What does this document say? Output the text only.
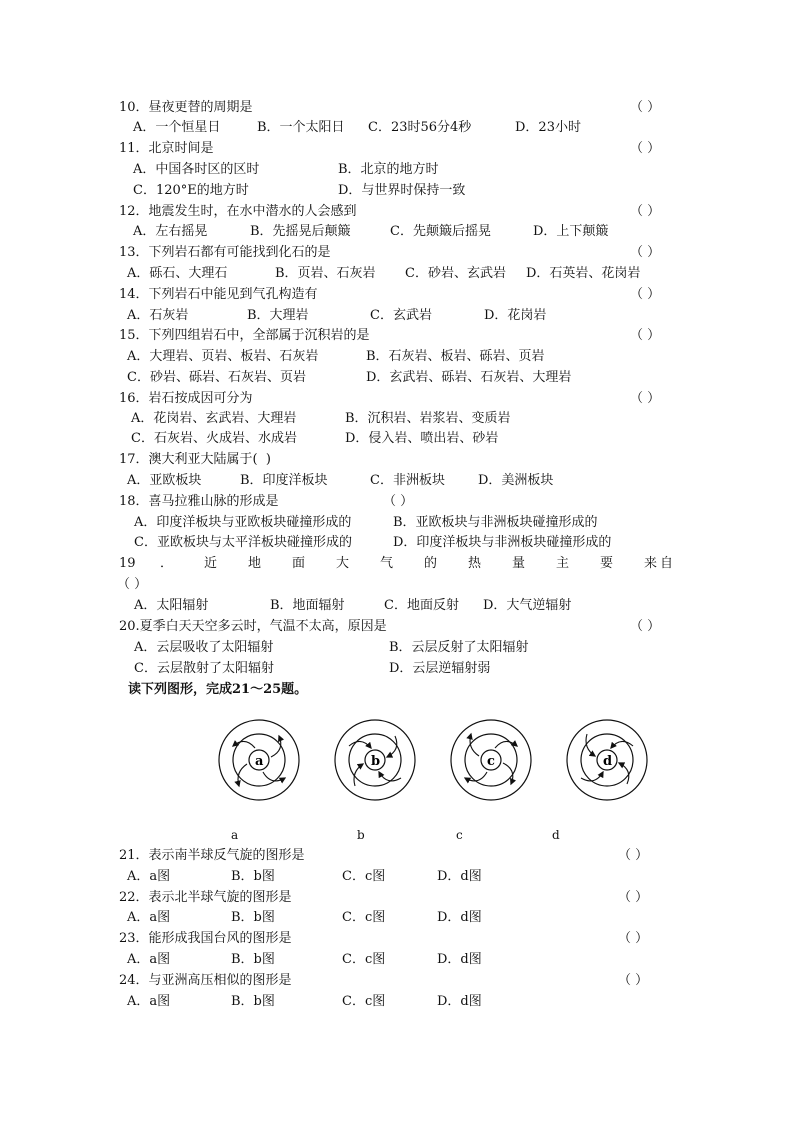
10．昼夜更替的周期是	（ ）
A．一个恒星日	B．一个太阳日 C．23时56分4秒	D．23小时
11．北京时间是	（ ）
A．中国各时区的区时	B．北京的地方时
C．120°E的地方时	D．与世界时保持一致
12．地震发生时，在水中潜水的人会感到	（ ）
A．左右摇晃	B．先摇晃后颠簸	C．先颠簸后摇晃	D．上下颠簸
13．下列岩石都有可能找到化石的是	（ ）
A．砾石、大理石	B．页岩、石灰岩 C．砂岩、玄武岩 D．石英岩、花岗岩
14．下列岩石中能见到气孔构造有	（ ）
A．石灰岩	B．大理岩	C．玄武岩	D．花岗岩
15．下列四组岩石中，全部属于沉积岩的是	（ ）
A．大理岩、页岩、板岩、石灰岩	B．石灰岩、板岩、砾岩、页岩
C．砂岩、砾岩、石灰岩、页岩	D．玄武岩、砾岩、石灰岩、大理岩
16．岩石按成因可分为	（ ）
A．花岗岩、玄武岩、大理岩	B．沉积岩、岩浆岩、变质岩
C．石灰岩、火成岩、水成岩	D．侵入岩、喷出岩、砂岩
17．澳大利亚大陆属于(  )
A．亚欧板块	B．印度洋板块	C．非洲板块	D．美洲板块
18．喜马拉雅山脉的形成是	（ ）
A．印度洋板块与亚欧板块碰撞形成的	B．亚欧板块与非洲板块碰撞形成的
C．亚欧板块与太平洋板块碰撞形成的	D．印度洋板块与非洲板块碰撞形成的
19 ． 近 地 面 大 气 的 热 量 主 要 来 自
（ ）
A．太阳辐射	B．地面辐射	C．地面反射 D．大气逆辐射
20.夏季白天天空多云时，气温不太高，原因是	（ ）
A．云层吸收了太阳辐射	B．云层反射了太阳辐射
C．云层散射了太阳辐射	D．云层逆辐射弱
读下列图形，完成21～25题。
a	b	c	d
a	b	c	d
21．表示南半球反气旋的图形是	（ ）
A．a图	B．b图	C．c图	D．d图
22．表示北半球气旋的图形是	（ ）
A．a图	B．b图	C．c图	D．d图
23．能形成我国台风的图形是	（ ）
A．a图	B．b图	C．c图	D．d图
24．与亚洲高压相似的图形是	（ ）
A．a图	B．b图	C．c图	D．d图
